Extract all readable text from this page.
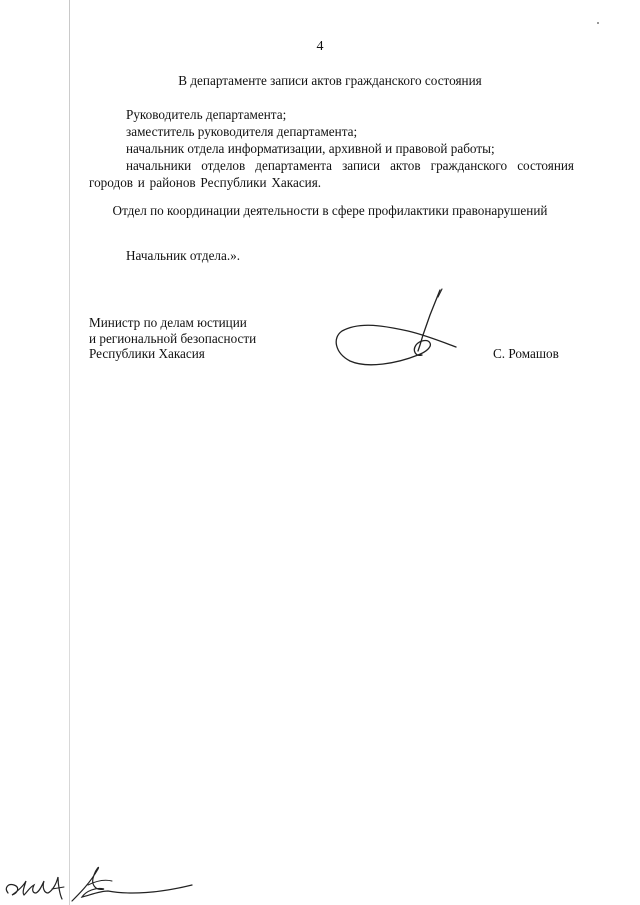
4
В департаменте записи актов гражданского состояния
Руководитель департамента;
заместитель руководителя департамента;
начальник отдела информатизации, архивной и правовой работы;
начальники отделов департамента записи актов гражданского состояния городов и районов Республики Хакасия.
Отдел по координации деятельности в сфере профилактики правонарушений
Начальник отдела.».
Министр по делам юстиции
и региональной безопасности
Республики Хакасия	С. Ромашов
